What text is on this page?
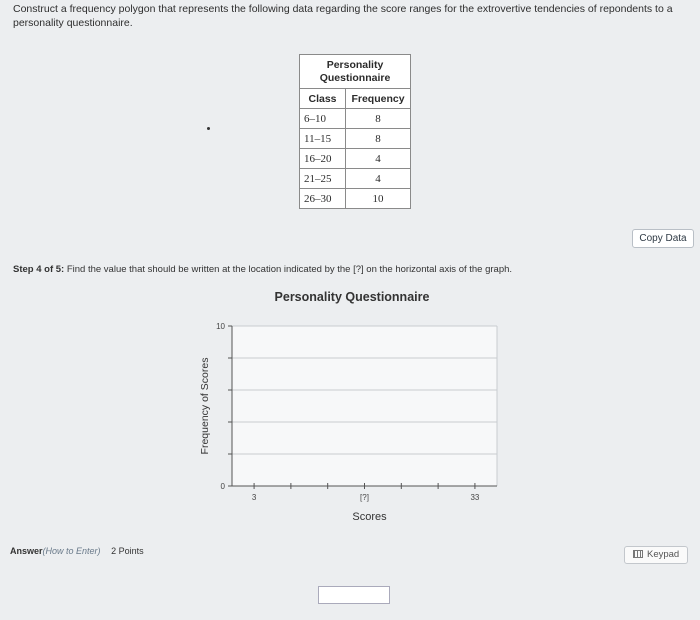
Construct a frequency polygon that represents the following data regarding the score ranges for the extrovertive tendencies of repondents to a personality questionnaire.
Personality Questionnaire	
Class	Frequency
6–10	8
11–15	8
16–20	4
21–25	4
26–30	10
Copy Data
Step 4 of 5: Find the value that should be written at the location indicated by the [?] on the horizontal axis of the graph.
Personality Questionnaire
0
10
3	[?]	33
Frequency of Scores
Scores
Answer(How to Enter) 2 Points	Keypad
